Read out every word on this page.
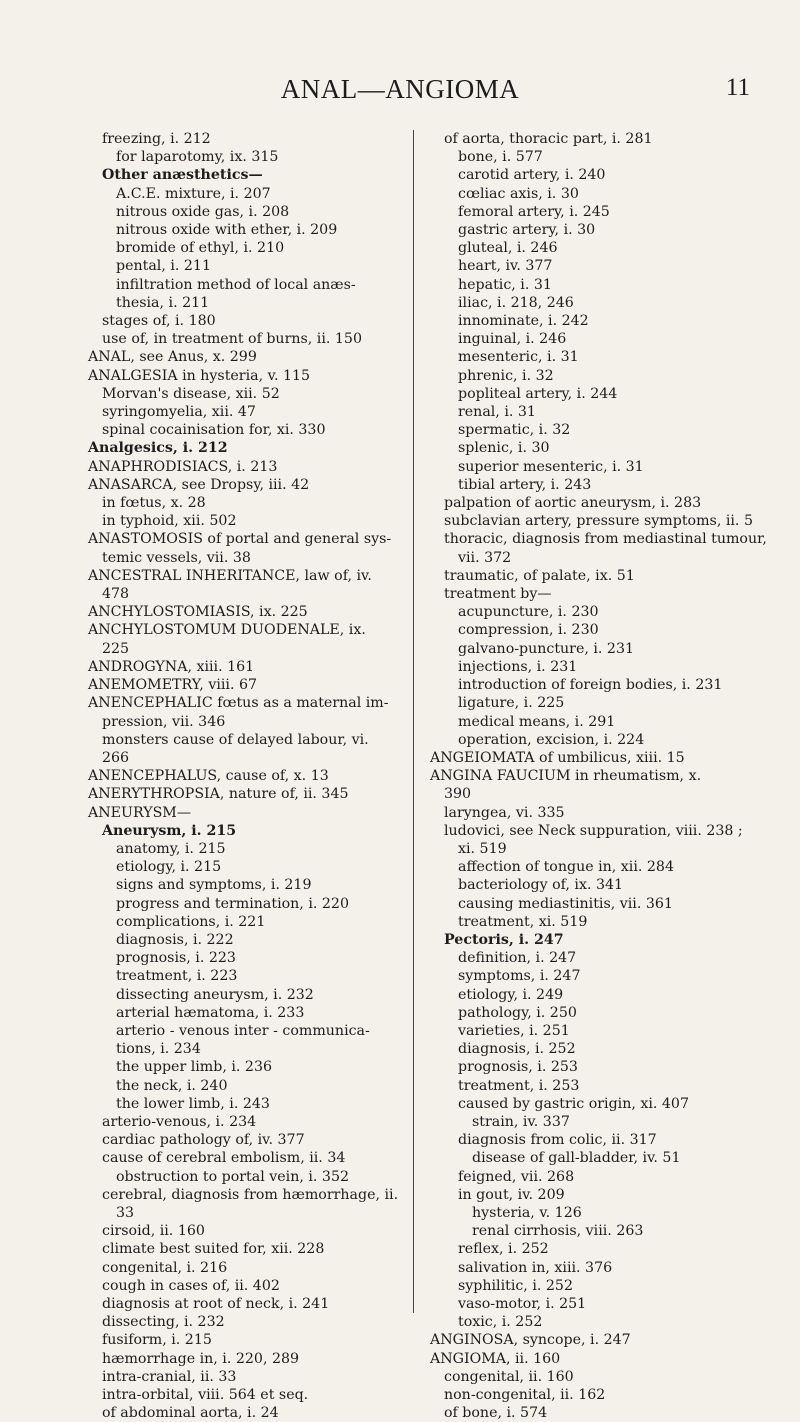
ANAL—ANGIOMA	11
freezing, i. 212
for laparotomy, ix. 315
Other anæsthetics—
A.C.E. mixture, i. 207
nitrous oxide gas, i. 208
nitrous oxide with ether, i. 209
bromide of ethyl, i. 210
pental, i. 211
infiltration method of local anæs-
thesia, i. 211
stages of, i. 180
use of, in treatment of burns, ii. 150
ANAL, see Anus, x. 299
ANALGESIA in hysteria, v. 115
Morvan's disease, xii. 52
syringomyelia, xii. 47
spinal cocainisation for, xi. 330
Analgesics, i. 212
ANAPHRODISIACS, i. 213
ANASARCA, see Dropsy, iii. 42
in fœtus, x. 28
in typhoid, xii. 502
ANASTOMOSIS of portal and general sys-
temic vessels, vii. 38
ANCESTRAL INHERITANCE, law of, iv.
478
ANCHYLOSTOMIASIS, ix. 225
ANCHYLOSTOMUM DUODENALE, ix.
225
ANDROGYNA, xiii. 161
ANEMOMETRY, viii. 67
ANENCEPHALIC fœtus as a maternal im-
pression, vii. 346
monsters cause of delayed labour, vi.
266
ANENCEPHALUS, cause of, x. 13
ANERYTHROPSIA, nature of, ii. 345
ANEURYSM—
Aneurysm, i. 215
anatomy, i. 215
etiology, i. 215
signs and symptoms, i. 219
progress and termination, i. 220
complications, i. 221
diagnosis, i. 222
prognosis, i. 223
treatment, i. 223
dissecting aneurysm, i. 232
arterial hæmatoma, i. 233
arterio - venous inter - communica-
tions, i. 234
the upper limb, i. 236
the neck, i. 240
the lower limb, i. 243
arterio-venous, i. 234
cardiac pathology of, iv. 377
cause of cerebral embolism, ii. 34
obstruction to portal vein, i. 352
cerebral, diagnosis from hæmorrhage, ii.
33
cirsoid, ii. 160
climate best suited for, xii. 228
congenital, i. 216
cough in cases of, ii. 402
diagnosis at root of neck, i. 241
dissecting, i. 232
fusiform, i. 215
hæmorrhage in, i. 220, 289
intra-cranial, ii. 33
intra-orbital, viii. 564 et seq.
of abdominal aorta, i. 24
of aorta, thoracic part, i. 281
bone, i. 577
carotid artery, i. 240
cœliac axis, i. 30
femoral artery, i. 245
gastric artery, i. 30
gluteal, i. 246
heart, iv. 377
hepatic, i. 31
iliac, i. 218, 246
innominate, i. 242
inguinal, i. 246
mesenteric, i. 31
phrenic, i. 32
popliteal artery, i. 244
renal, i. 31
spermatic, i. 32
splenic, i. 30
superior mesenteric, i. 31
tibial artery, i. 243
palpation of aortic aneurysm, i. 283
subclavian artery, pressure symptoms, ii. 5
thoracic, diagnosis from mediastinal tumour,
vii. 372
traumatic, of palate, ix. 51
treatment by—
acupuncture, i. 230
compression, i. 230
galvano-puncture, i. 231
injections, i. 231
introduction of foreign bodies, i. 231
ligature, i. 225
medical means, i. 291
operation, excision, i. 224
ANGEIOMATA of umbilicus, xiii. 15
ANGINA FAUCIUM in rheumatism, x.
390
laryngea, vi. 335
ludovici, see Neck suppuration, viii. 238 ;
xi. 519
affection of tongue in, xii. 284
bacteriology of, ix. 341
causing mediastinitis, vii. 361
treatment, xi. 519
Pectoris, i. 247
definition, i. 247
symptoms, i. 247
etiology, i. 249
pathology, i. 250
varieties, i. 251
diagnosis, i. 252
prognosis, i. 253
treatment, i. 253
caused by gastric origin, xi. 407
strain, iv. 337
diagnosis from colic, ii. 317
disease of gall-bladder, iv. 51
feigned, vii. 268
in gout, iv. 209
hysteria, v. 126
renal cirrhosis, viii. 263
reflex, i. 252
salivation in, xiii. 376
syphilitic, i. 252
vaso-motor, i. 251
toxic, i. 252
ANGINOSA, syncope, i. 247
ANGIOMA, ii. 160
congenital, ii. 160
non-congenital, ii. 162
of bone, i. 574
